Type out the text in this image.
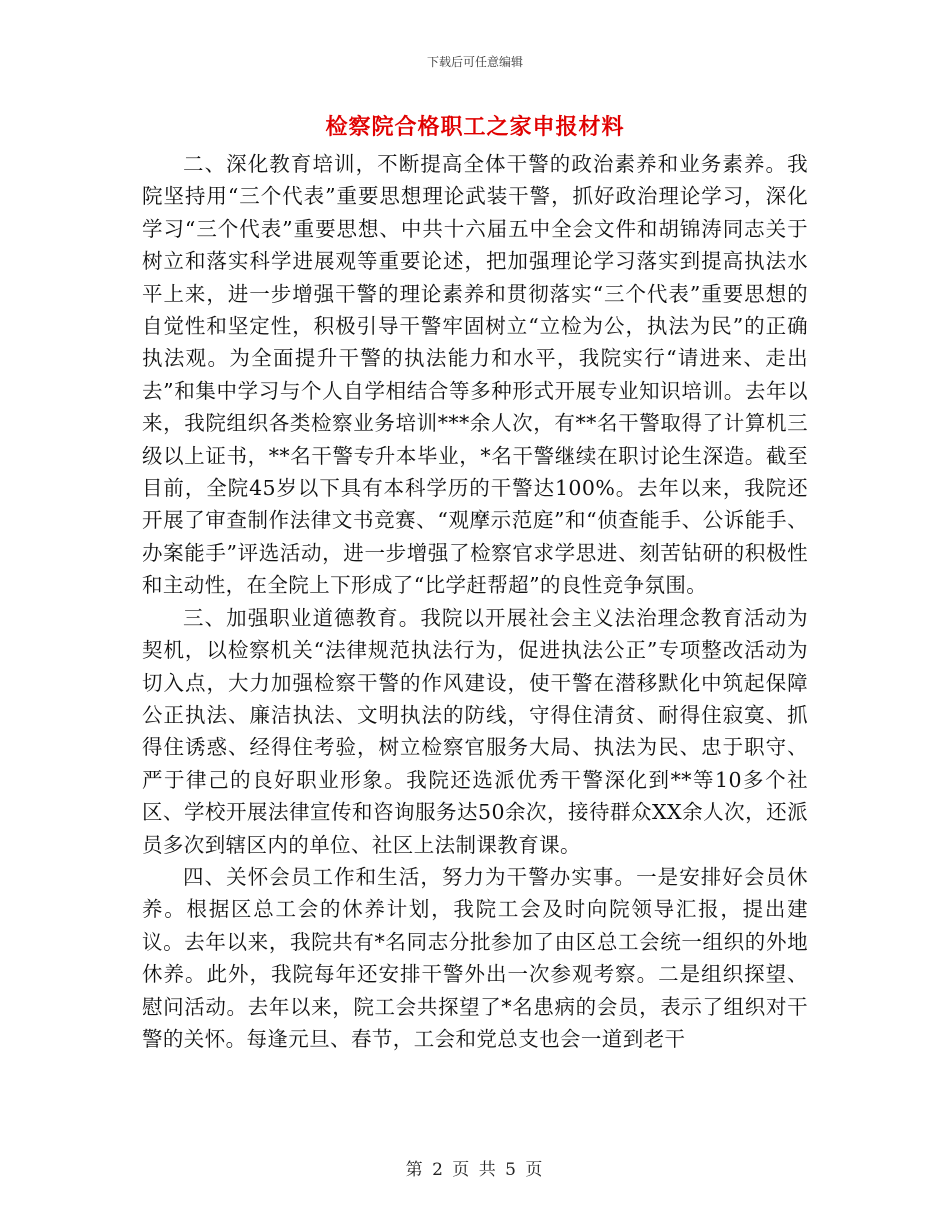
下载后可任意编辑
检察院合格职工之家申报材料

二、深化教育培训，不断提高全体干警的政治素养和业务素养。我院坚持用“三个代表”重要思想理论武装干警，抓好政治理论学习，深化学习“三个代表”重要思想、中共十六届五中全会文件和胡锦涛同志关于树立和落实科学进展观等重要论述，把加强理论学习落实到提高执法水平上来，进一步增强干警的理论素养和贯彻落实“三个代表”重要思想的自觉性和坚定性，积极引导干警牢固树立“立检为公，执法为民”的正确执法观。为全面提升干警的执法能力和水平，我院实行“请进来、走出去”和集中学习与个人自学相结合等多种形式开展专业知识培训。去年以来，我院组织各类检察业务培训***余人次，有**名干警取得了计算机三级以上证书，**名干警专升本毕业，*名干警继续在职讨论生深造。截至目前，全院45岁以下具有本科学历的干警达100%。去年以来，我院还开展了审查制作法律文书竞赛、“观摩示范庭”和“侦查能手、公诉能手、办案能手”评选活动，进一步增强了检察官求学思进、刻苦钻研的积极性和主动性，在全院上下形成了“比学赶帮超”的良性竞争氛围。

三、加强职业道德教育。我院以开展社会主义法治理念教育活动为契机，以检察机关“法律规范执法行为，促进执法公正”专项整改活动为切入点，大力加强检察干警的作风建设，使干警在潜移默化中筑起保障公正执法、廉洁执法、文明执法的防线，守得住清贫、耐得住寂寞、抓得住诱惑、经得住考验，树立检察官服务大局、执法为民、忠于职守、严于律己的良好职业形象。我院还选派优秀干警深化到**等10多个社区、学校开展法律宣传和咨询服务达50余次，接待群众XX余人次，还派员多次到辖区内的单位、社区上法制课教育课。

四、关怀会员工作和生活，努力为干警办实事。一是安排好会员休养。根据区总工会的休养计划，我院工会及时向院领导汇报，提出建议。去年以来，我院共有*名同志分批参加了由区总工会统一组织的外地休养。此外，我院每年还安排干警外出一次参观考察。二是组织探望、慰问活动。去年以来，院工会共探望了*名患病的会员，表示了组织对干警的关怀。每逢元旦、春节，工会和党总支也会一道到老干

第 2 页 共 5 页
